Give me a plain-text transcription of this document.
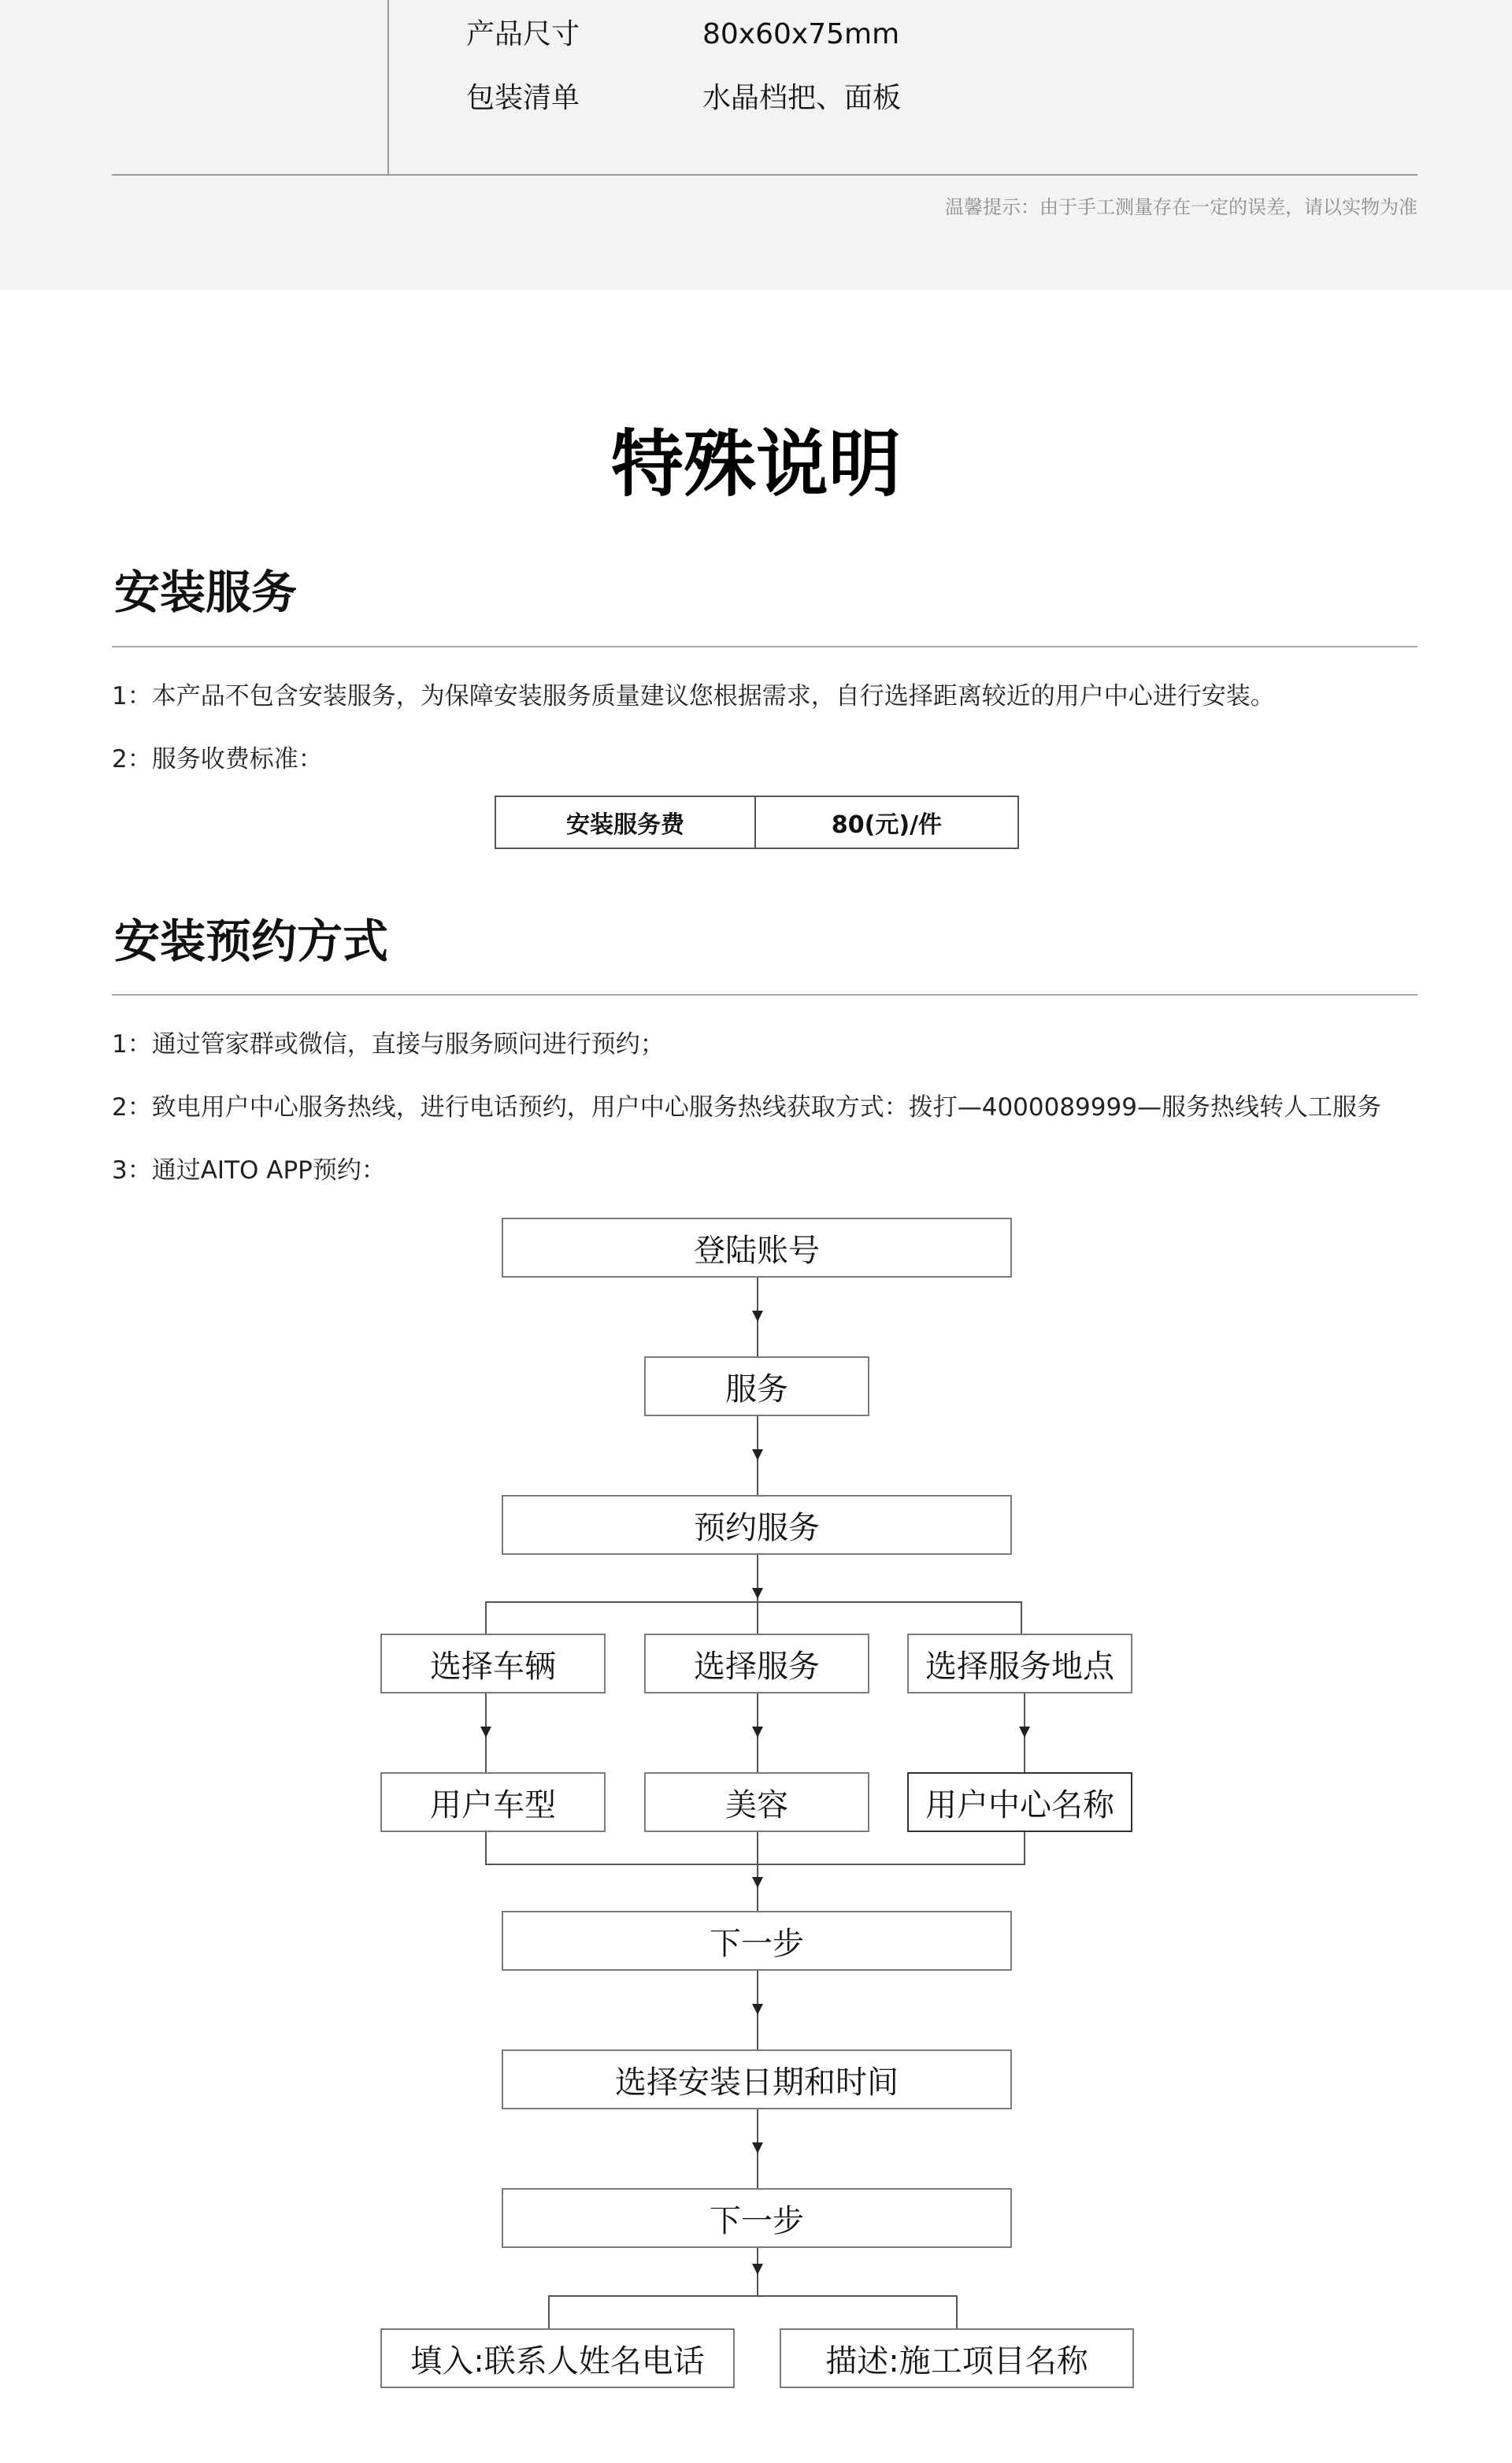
产品尺寸	80x60x75mm
包装清单	水晶档把、面板
温馨提示：由于手工测量存在一定的误差，请以实物为准
特殊说明
安装服务
1：本产品不包含安装服务，为保障安装服务质量建议您根据需求，自行选择距离较近的用户中心进行安装。
2：服务收费标准：
安装服务费	80(元)/件
安装预约方式
1：通过管家群或微信，直接与服务顾问进行预约；
2：致电用户中心服务热线，进行电话预约，用户中心服务热线获取方式：拨打—4000089999—服务热线转人工服务
3：通过AITO APP预约：
登陆账号
服务
预约服务
选择车辆	选择服务	选择服务地点
用户车型	美容	用户中心名称
下一步
选择安装日期和时间
下一步
填入:联系人姓名电话	描述:施工项目名称
